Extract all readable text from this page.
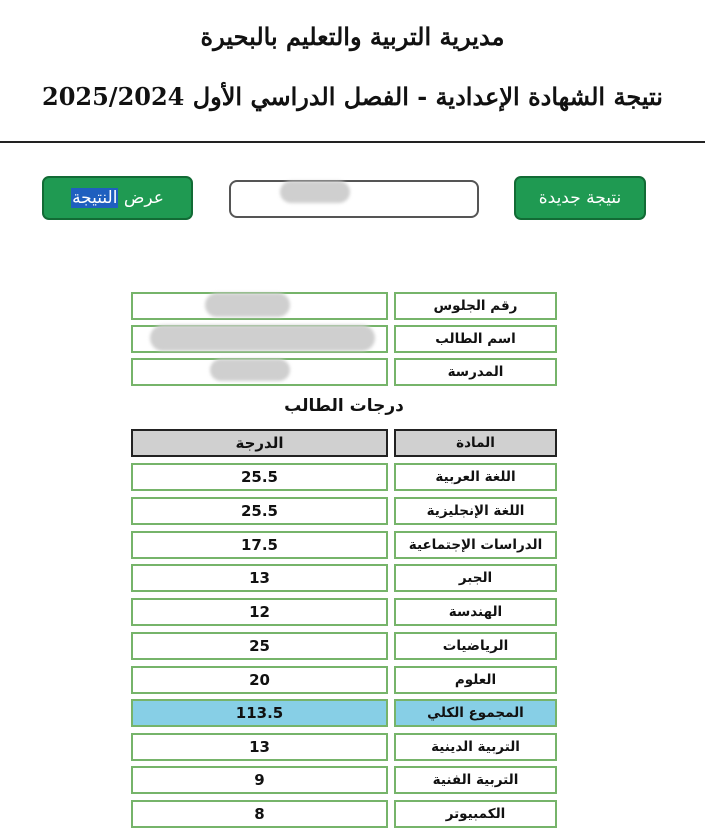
مديرية التربية والتعليم بالبحيرة
نتيجة الشهادة الإعدادية - الفصل الدراسي الأول 2025/2024
نتيجة جديدة
عرض
النتيجة
رقم الجلوس
اسم الطالب
المدرسة
درجات الطالب
المادة
الدرجة
اللغة العربية
25.5
اللغة الإنجليزية
25.5
الدراسات الإجتماعية
17.5
الجبر
13
الهندسة
12
الرياضيات
25
العلوم
20
المجموع الكلي
113.5
التربية الدينية
13
التربية الفنية
9
الكمبيوتر
8
